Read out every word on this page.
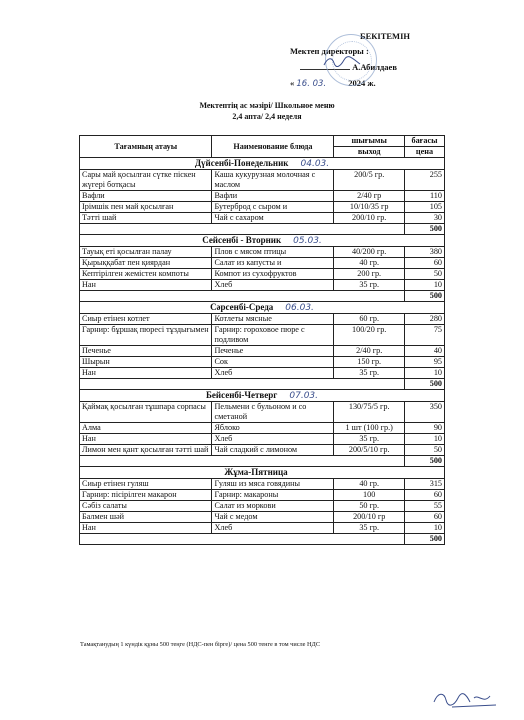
БЕКІТЕМІН
Мектеп директоры :
А.Абилдаев
« 16. 03.	2024 ж.
Мектептің ас мәзірі/ Школьное меню
2,4 апта/ 2,4 неделя
Тағамның атауы	Наименование блюда	шығымы	бағасы
		выход	цена
Дүйсенбі-Понедельник 04.03.			
Сары май қосылған сүтке піскен жүгері ботқасы	Каша кукурузная молочная с маслом	200/5 гр.	255
Вафли	Вафли	2/40 гр	110
Ірімшік пен май қосылған	Бутерброд с сыром и	10/10/35 гр	105
Тәтті шай	Чай с сахаром	200/10 гр.	30
			500
Сейсенбі - Вторник 05.03.			
Тауық еті қосылған палау	Плов с мясом птицы	40/200 гр.	380
Қырыққабат пен қиярдан	Салат из капусты и	40 гр.	60
Кептірілген жемістен компоты	Компот из сухофруктов	200 гр.	50
Нан	Хлеб	35 гр.	10
			500
Сәрсенбі-Среда 06.03.			
Сиыр етінен котлет	Котлеты мясные	60 гр.	280
Гарнир: бұршақ пюресі тұздығымен	Гарнир: гороховое пюре с подливом	100/20 гр.	75
Печенье	Печенье	2/40 гр.	40
Шырын	Сок	150 гр.	95
Нан	Хлеб	35 гр.	10
			500
Бейсенбі-Четверг 07.03.			
Қаймақ қосылған тұшпара сорпасы	Пельмени с бульоном и со сметаной	130/75/5 гр.	350
Алма	Яблоко	1 шт (100 гр.)	90
Нан	Хлеб	35 гр.	10
Лимон мен қант қосылған тәтті шай	Чай сладкий с лимоном	200/5/10 гр.	50
			500
Жұма-Пятница			
Сиыр етінен гуляш	Гуляш из мяса говядины	40 гр.	315
Гарнир: пісірілген макарон	Гарнир: макароны	100	60
Сәбіз салаты	Салат из моркови	50 гр.	55
Балмен шәй	Чай с медом	200/10 гр	60
Нан	Хлеб	35 гр.	10
			500
Тамақтанудың 1 күндік құны 500 теңге (НДС-пен бірге)/ цена 500 тенге в том числе НДС
